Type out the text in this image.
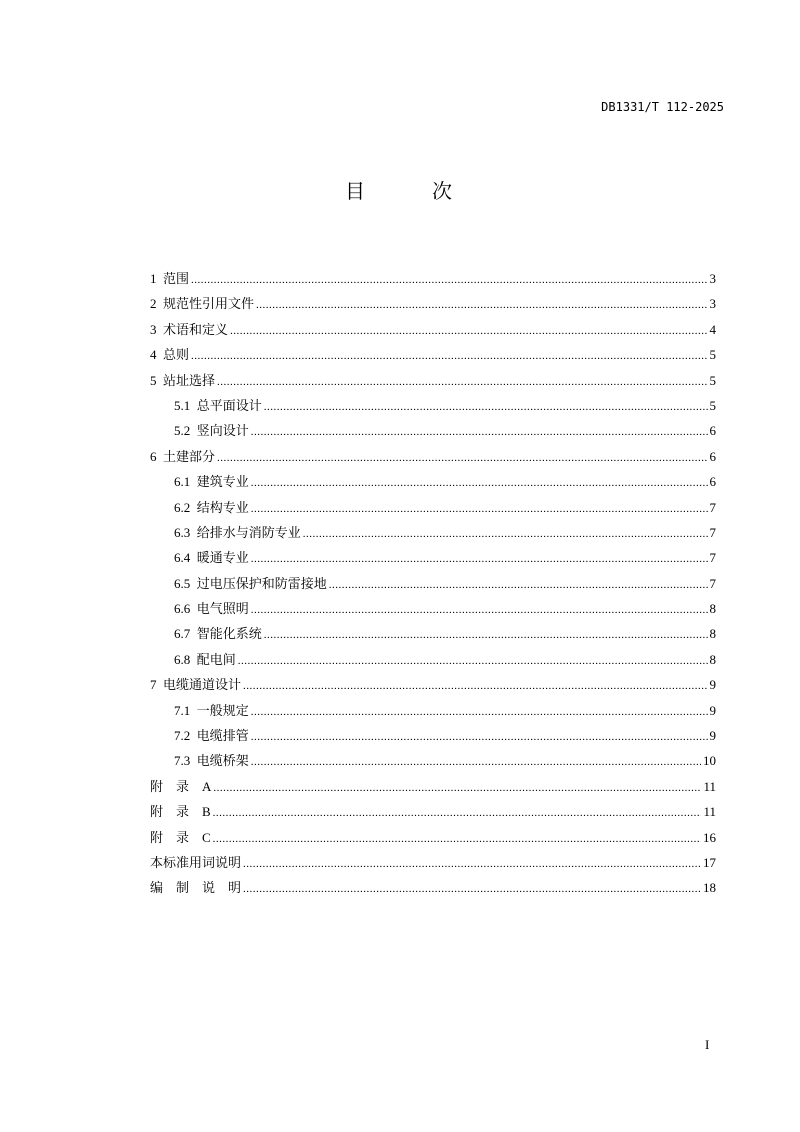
DB1331/T 112-2025
目	次
1  范围 .....	3
2  规范性引用文件 .....	3
3  术语和定义 .....	4
4  总则 .....	5
5  站址选择 .....	5
5.1  总平面设计 .....	5
5.2  竖向设计 .....	6
6  土建部分 .....	6
6.1  建筑专业 .....	6
6.2  结构专业 .....	7
6.3  给排水与消防专业 .....	7
6.4  暖通专业 .....	7
6.5  过电压保护和防雷接地 .....	7
6.6  电气照明 .....	8
6.7  智能化系统 .....	8
6.8  配电间 .....	8
7  电缆通道设计 .....	9
7.1  一般规定 .....	9
7.2  电缆排管 .....	9
7.3  电缆桥架 .....	10
附　录　A .....	11
附　录　B .....	11
附　录　C .....	16
本标准用词说明 .....	17
编　制　说　明 .....	18
I
